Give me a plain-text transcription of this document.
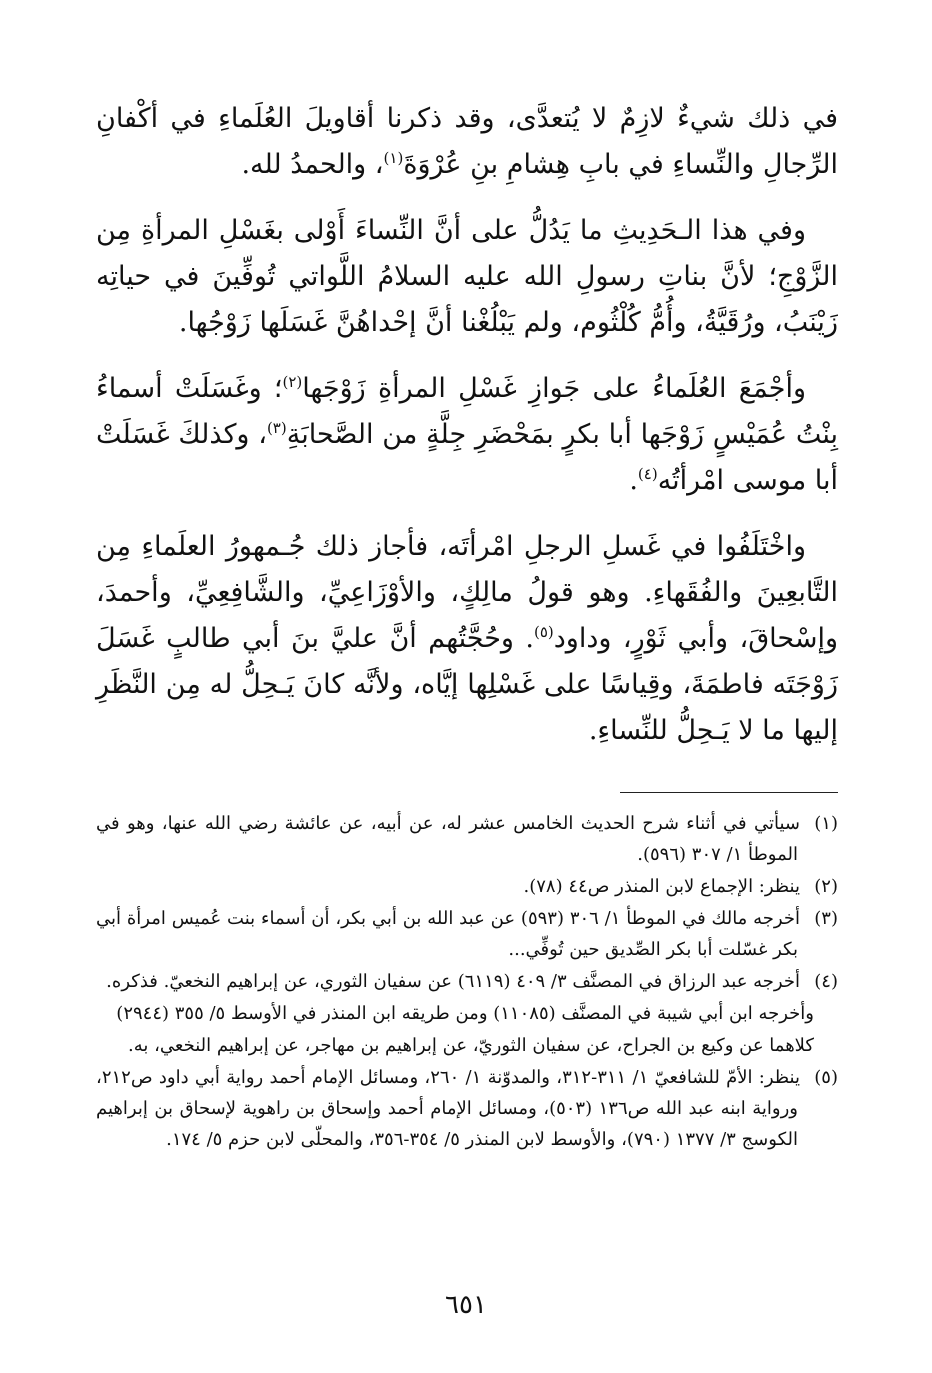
في ذلك شيءٌ لازِمٌ لا يُتعدَّى، وقد ذكرنا أقاويلَ العُلَماءِ في أكْفانِ الرِّجالِ والنِّساءِ في بابِ هِشامِ بنِ عُرْوَةَ$^{(١)}$، والحمدُ لله.

وفي هذا الـحَدِيثِ ما يَدُلُّ على أنَّ النِّساءَ أَوْلى بغَسْلِ المرأةِ مِن الزَّوْجِ؛ لأنَّ بناتِ رسولِ الله عليه السلامُ اللَّواتي تُوفِّينَ في حياتِه زَيْنَبُ، ورُقَيَّةُ، وأُمُّ كُلْثُوم، ولم يَبْلُغْنا أنَّ إحْداهُنَّ غَسَلَها زَوْجُها.

وأجْمَعَ العُلَماءُ على جَوازِ غَسْلِ المرأةِ زَوْجَها$^{(٢)}$؛ وغَسَلَتْ أسماءُ بِنْتُ عُمَيْسٍ زَوْجَها أبا بكرٍ بمَحْضَرِ جِلَّةٍ من الصَّحابَةِ$^{(٣)}$، وكذلكَ غَسَلَتْ أبا موسى امْرأتُه$^{(٤)}$.

واخْتَلَفُوا في غَسلِ الرجلِ امْرأتَه، فأجاز ذلك جُـمهورُ العلَماءِ مِن التَّابعِينَ والفُقَهاءِ. وهو قولُ مالِكٍ، والأوْزَاعِيِّ، والشَّافِعِيِّ، وأحمدَ، وإسْحاقَ، وأبي ثَوْرٍ، وداود$^{(٥)}$. وحُجَّتُهم أنَّ عليَّ بنَ أبي طالبٍ غَسَلَ زَوْجَتَه فاطمَةَ، وقِياسًا على غَسْلِها إيَّاه، ولأنَّه كانَ يَـحِلُّ له مِن النَّظَرِ إليها ما لا يَـحِلُّ للنِّساءِ.

(١)سيأتي في أثناء شرح الحديث الخامس عشر له، عن أبيه، عن عائشة رضي الله عنها، وهو في الموطأ ١/ ٣٠٧ (٥٩٦).
(٢)ينظر: الإجماع لابن المنذر ص٤٤ (٧٨).
(٣)أخرجه مالك في الموطأ ١/ ٣٠٦ (٥٩٣) عن عبد الله بن أبي بكر، أن أسماء بنت عُميس امرأة أبي بكر غسّلت أبا بكر الصِّديق حين تُوفِّي...
(٤)أخرجه عبد الرزاق في المصنَّف ٣/ ٤٠٩ (٦١١٩) عن سفيان الثوري، عن إبراهيم النخعيّ. فذكره.
وأخرجه ابن أبي شيبة في المصنَّف (١١٠٨٥) ومن طريقه ابن المنذر في الأوسط ٥/ ٣٥٥ (٢٩٤٤)
كلاهما عن وكيع بن الجراح، عن سفيان الثوريّ، عن إبراهيم بن مهاجر، عن إبراهيم النخعي، به.
(٥)ينظر: الأمّ للشافعيّ ١/ ٣١١-٣١٢، والمدوّنة ١/ ٢٦٠، ومسائل الإمام أحمد رواية أبي داود ص٢١٢، ورواية ابنه عبد الله ص١٣٦ (٥٠٣)، ومسائل الإمام أحمد وإسحاق بن راهوية لإسحاق بن إبراهيم الكوسج ٣/ ١٣٧٧ (٧٩٠)، والأوسط لابن المنذر ٥/ ٣٥٤-٣٥٦، والمحلّى لابن حزم ٥/ ١٧٤.
٦٥١
